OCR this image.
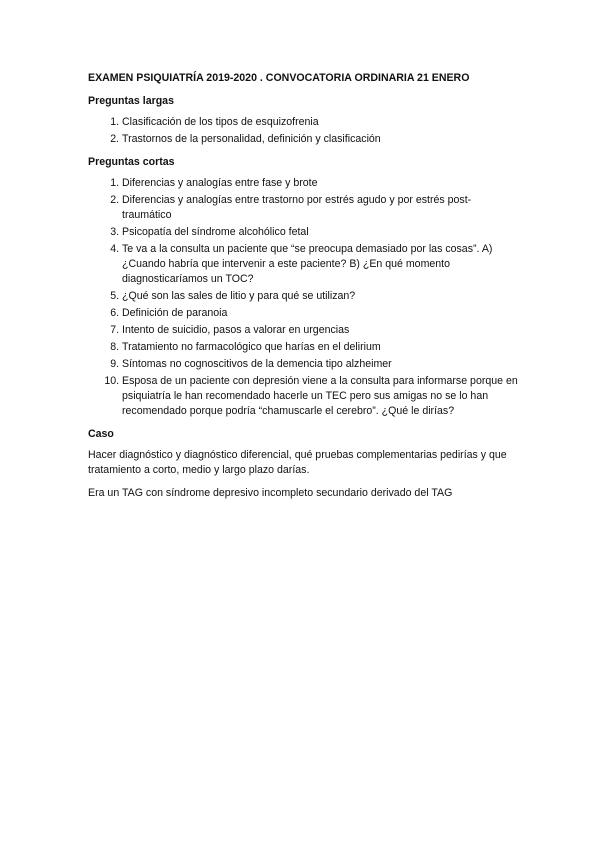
EXAMEN PSIQUIATRÍA 2019-2020 . CONVOCATORIA ORDINARIA 21 ENERO
Preguntas largas
1. Clasificación de los tipos de esquizofrenia
2. Trastornos de la personalidad, definición y clasificación
Preguntas cortas
1. Diferencias y analogías entre fase y brote
2. Diferencias y analogías entre trastorno por estrés agudo y por estrés post-traumático
3. Psicopatía del síndrome alcohólico fetal
4. Te va a la consulta un paciente que “se preocupa demasiado por las cosas”. A) ¿Cuando habría que intervenir a este paciente? B) ¿En qué momento diagnosticaríamos un TOC?
5. ¿Qué son las sales de litio y para qué se utilizan?
6. Definición de paranoia
7. Intento de suicidio, pasos a valorar en urgencias
8. Tratamiento no farmacológico que harías en el delirium
9. Síntomas no cognoscitivos de la demencia tipo alzheimer
10. Esposa de un paciente con depresión viene a la consulta para informarse porque en psiquiatría le han recomendado hacerle un TEC pero sus amigas no se lo han recomendado porque podría “chamuscarle el cerebro”. ¿Qué le dirías?
Caso

Hacer diagnóstico y diagnóstico diferencial, qué pruebas complementarias pedirías y que tratamiento a corto, medio y largo plazo darías.

Era un TAG con síndrome depresivo incompleto secundario derivado del TAG
